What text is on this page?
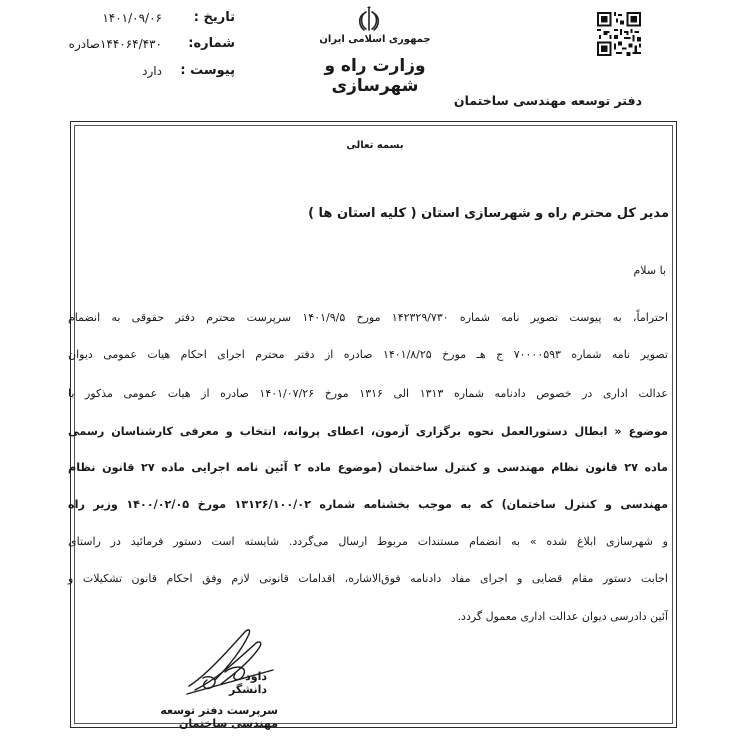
جمهوری اسلامی ایران
وزارت راه و شهرسازی
تاریخ :
۱۴۰۱/۰۹/۰۶
شماره:
۱۴۴۰۶۴/۴۳۰صادره
پیوست :
دارد
دفتر توسعه مهندسی ساختمان
بسمه تعالی
مدیر کل محترم راه و شهرسازی استان ( کلیه استان ها )
با سلام
احتراماً، به پیوست تصویر نامه شماره ۱۴۲۳۲۹/۷۳۰ مورخ ۱۴۰۱/۹/۵ سرپرست محترم دفتر حقوقی به انضمام
تصویر نامه شماره ۷۰۰۰۰۵۹۳ ج هـ مورخ ۱۴۰۱/۸/۲۵ صادره از دفتر محترم اجرای احکام هیات عمومی دیوان
عدالت اداری در خصوص دادنامه شماره ۱۳۱۳ الی ۱۳۱۶ مورخ ۱۴۰۱/۰۷/۲۶ صادره از هیات عمومی مذکور با
موضوع « ابطال دستورالعمل نحوه برگزاری آزمون، اعطای پروانه، انتخاب و معرفی کارشناسان رسمی
ماده ۲۷ قانون نظام مهندسی و کنترل ساختمان (موضوع ماده ۲ آئین نامه اجرایی ماده ۲۷ قانون نظام
مهندسی و کنترل ساختمان) که به موجب بخشنامه شماره ۱۳۱۲۶/۱۰۰/۰۲ مورخ ۱۴۰۰/۰۲/۰۵ وزیر راه
و شهرسازی ابلاغ شده » به انضمام مستندات مربوط ارسال می‌گردد. شایسته است دستور فرمائید در راستای
اجابت دستور مقام قضایی و اجرای مفاد دادنامه فوق‌الاشاره، اقدامات قانونی لازم وفق احکام قانون تشکیلات و
آئین دادرسی دیوان عدالت اداری معمول گردد.
داود دانشگر
سرپرست دفتر توسعه مهندسی ساختمان
